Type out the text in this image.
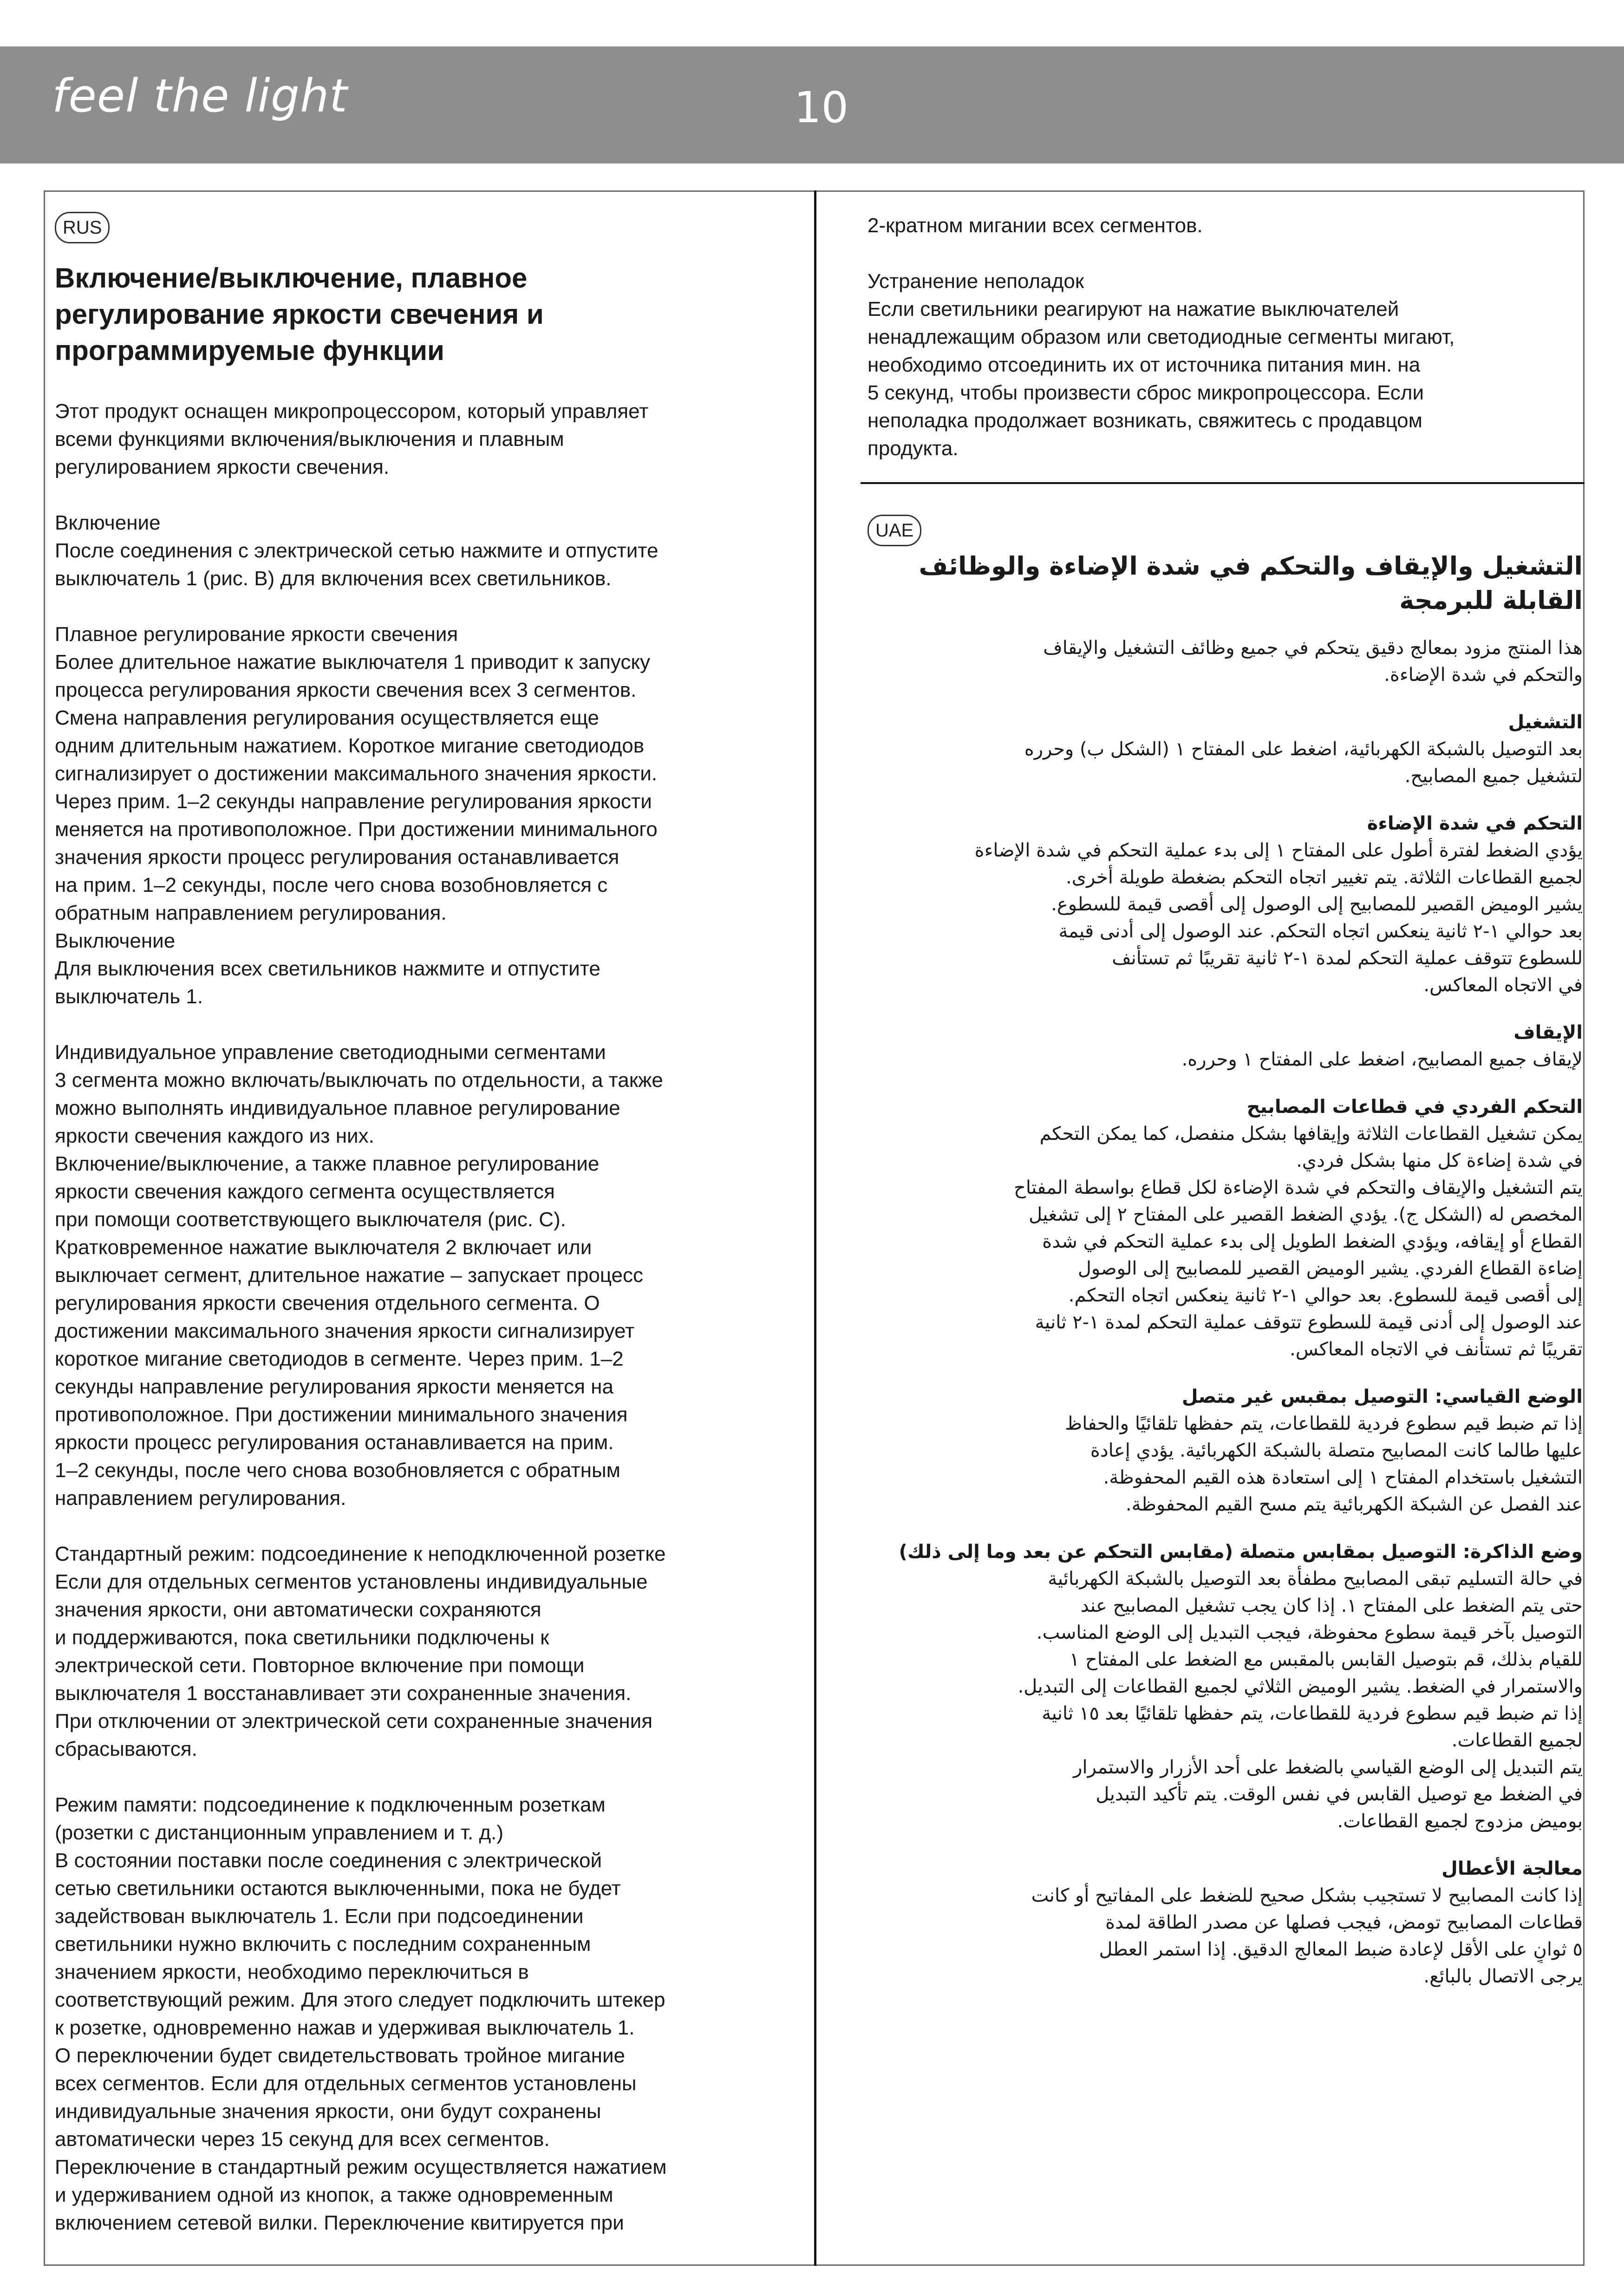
feel the light	10
RUS
UAE
Включение/выключение, плавное
регулирование яркости свечения и
программируемые функции
Этот продукт оснащен микропроцессором, который управляет
всеми функциями включения/выключения и плавным
регулированием яркости свечения.
Включение
После соединения с электрической сетью нажмите и отпустите
выключатель 1 (рис. B) для включения всех светильников.
Плавное регулирование яркости свечения
Более длительное нажатие выключателя 1 приводит к запуску
процесса регулирования яркости свечения всех 3 сегментов.
Смена направления регулирования осуществляется еще
одним длительным нажатием. Короткое мигание светодиодов
сигнализирует о достижении максимального значения яркости.
Через прим. 1–2 секунды направление регулирования яркости
меняется на противоположное. При достижении минимального
значения яркости процесс регулирования останавливается
на прим. 1–2 секунды, после чего снова возобновляется с
обратным направлением регулирования.
Выключение
Для выключения всех светильников нажмите и отпустите
выключатель 1.
Индивидуальное управление светодиодными сегментами
3 сегмента можно включать/выключать по отдельности, а также
можно выполнять индивидуальное плавное регулирование
яркости свечения каждого из них.
Включение/выключение, а также плавное регулирование
яркости свечения каждого сегмента осуществляется
при помощи соответствующего выключателя (рис. C).
Кратковременное нажатие выключателя 2 включает или
выключает сегмент, длительное нажатие – запускает процесс
регулирования яркости свечения отдельного сегмента. О
достижении максимального значения яркости сигнализирует
короткое мигание светодиодов в сегменте. Через прим. 1–2
секунды направление регулирования яркости меняется на
противоположное. При достижении минимального значения
яркости процесс регулирования останавливается на прим.
1–2 секунды, после чего снова возобновляется с обратным
направлением регулирования.
Стандартный режим: подсоединение к неподключенной розетке
Если для отдельных сегментов установлены индивидуальные
значения яркости, они автоматически сохраняются
и поддерживаются, пока светильники подключены к
электрической сети. Повторное включение при помощи
выключателя 1 восстанавливает эти сохраненные значения.
При отключении от электрической сети сохраненные значения
сбрасываются.
Режим памяти: подсоединение к подключенным розеткам
(розетки с дистанционным управлением и т. д.)
В состоянии поставки после соединения с электрической
сетью светильники остаются выключенными, пока не будет
задействован выключатель 1. Если при подсоединении
светильники нужно включить с последним сохраненным
значением яркости, необходимо переключиться в
соответствующий режим. Для этого следует подключить штекер
к розетке, одновременно нажав и удерживая выключатель 1.
О переключении будет свидетельствовать тройное мигание
всех сегментов. Если для отдельных сегментов установлены
индивидуальные значения яркости, они будут сохранены
автоматически через 15 секунд для всех сегментов.
Переключение в стандартный режим осуществляется нажатием
и удерживанием одной из кнопок, а также одновременным
включением сетевой вилки. Переключение квитируется при
2-кратном мигании всех сегментов.
Устранение неполадок
Если светильники реагируют на нажатие выключателей
ненадлежащим образом или светодиодные сегменты мигают,
необходимо отсоединить их от источника питания мин. на
5 секунд, чтобы произвести сброс микропроцессора. Если
неполадка продолжает возникать, свяжитесь с продавцом
продукта.
التشغيل والإيقاف والتحكم في شدة الإضاءة والوظائف القابلة للبرمجة
هذا المنتج مزود بمعالج دقيق يتحكم في جميع وظائف التشغيل والإيقاف
والتحكم في شدة الإضاءة.
التشغيل
بعد التوصيل بالشبكة الكهربائية، اضغط على المفتاح ١ (الشكل ب) وحرره
لتشغيل جميع المصابيح.
التحكم في شدة الإضاءة
يؤدي الضغط لفترة أطول على المفتاح ١ إلى بدء عملية التحكم في شدة الإضاءة
لجميع القطاعات الثلاثة. يتم تغيير اتجاه التحكم بضغطة طويلة أخرى.
يشير الوميض القصير للمصابيح إلى الوصول إلى أقصى قيمة للسطوع.
بعد حوالي ١-٢ ثانية ينعكس اتجاه التحكم. عند الوصول إلى أدنى قيمة
للسطوع تتوقف عملية التحكم لمدة ١-٢ ثانية تقريبًا ثم تستأنف
في الاتجاه المعاكس.
الإيقاف
لإيقاف جميع المصابيح، اضغط على المفتاح ١ وحرره.
التحكم الفردي في قطاعات المصابيح
يمكن تشغيل القطاعات الثلاثة وإيقافها بشكل منفصل، كما يمكن التحكم
في شدة إضاءة كل منها بشكل فردي.
يتم التشغيل والإيقاف والتحكم في شدة الإضاءة لكل قطاع بواسطة المفتاح
المخصص له (الشكل ج). يؤدي الضغط القصير على المفتاح ٢ إلى تشغيل
القطاع أو إيقافه، ويؤدي الضغط الطويل إلى بدء عملية التحكم في شدة
إضاءة القطاع الفردي. يشير الوميض القصير للمصابيح إلى الوصول
إلى أقصى قيمة للسطوع. بعد حوالي ١-٢ ثانية ينعكس اتجاه التحكم.
عند الوصول إلى أدنى قيمة للسطوع تتوقف عملية التحكم لمدة ١-٢ ثانية
تقريبًا ثم تستأنف في الاتجاه المعاكس.
الوضع القياسي: التوصيل بمقبس غير متصل
إذا تم ضبط قيم سطوع فردية للقطاعات، يتم حفظها تلقائيًا والحفاظ
عليها طالما كانت المصابيح متصلة بالشبكة الكهربائية. يؤدي إعادة
التشغيل باستخدام المفتاح ١ إلى استعادة هذه القيم المحفوظة.
عند الفصل عن الشبكة الكهربائية يتم مسح القيم المحفوظة.
وضع الذاكرة: التوصيل بمقابس متصلة (مقابس التحكم عن بعد وما إلى ذلك)
في حالة التسليم تبقى المصابيح مطفأة بعد التوصيل بالشبكة الكهربائية
حتى يتم الضغط على المفتاح ١. إذا كان يجب تشغيل المصابيح عند
التوصيل بآخر قيمة سطوع محفوظة، فيجب التبديل إلى الوضع المناسب.
للقيام بذلك، قم بتوصيل القابس بالمقبس مع الضغط على المفتاح ١
والاستمرار في الضغط. يشير الوميض الثلاثي لجميع القطاعات إلى التبديل.
إذا تم ضبط قيم سطوع فردية للقطاعات، يتم حفظها تلقائيًا بعد ١٥ ثانية
لجميع القطاعات.
يتم التبديل إلى الوضع القياسي بالضغط على أحد الأزرار والاستمرار
في الضغط مع توصيل القابس في نفس الوقت. يتم تأكيد التبديل
بوميض مزدوج لجميع القطاعات.
معالجة الأعطال
إذا كانت المصابيح لا تستجيب بشكل صحيح للضغط على المفاتيح أو كانت
قطاعات المصابيح تومض، فيجب فصلها عن مصدر الطاقة لمدة
٥ ثوانٍ على الأقل لإعادة ضبط المعالج الدقيق. إذا استمر العطل
يرجى الاتصال بالبائع.
